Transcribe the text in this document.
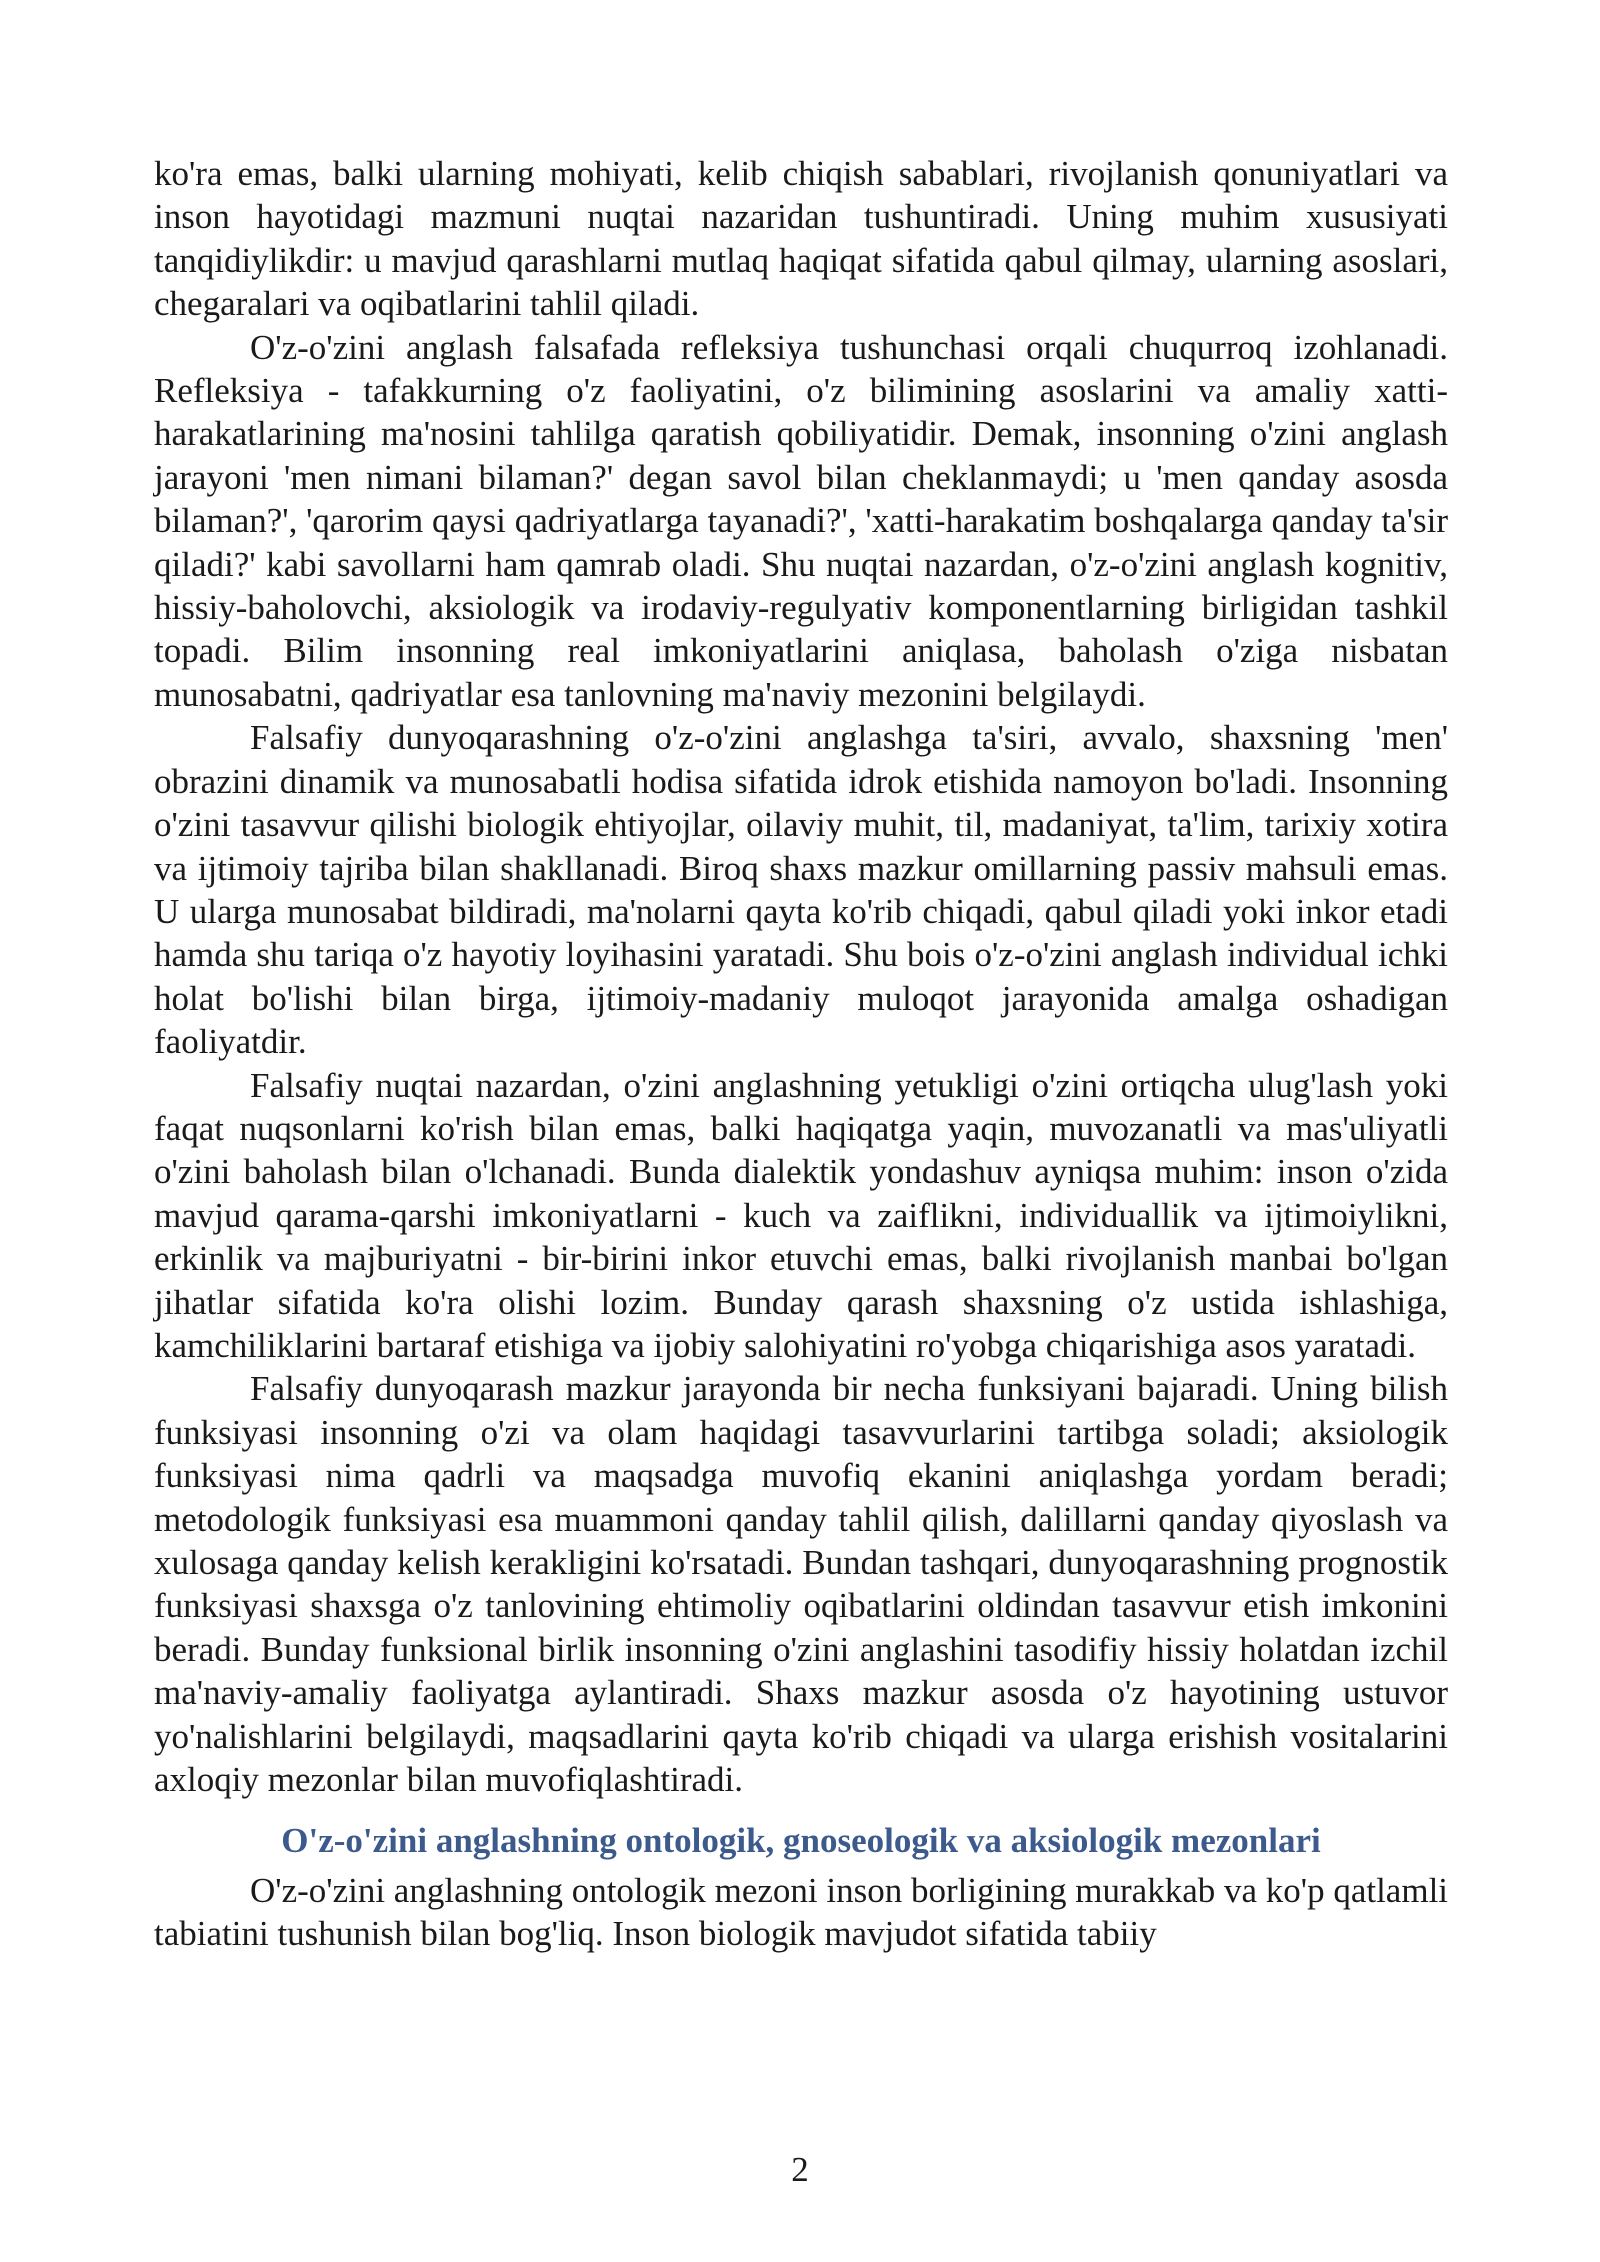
ko'ra emas, balki ularning mohiyati, kelib chiqish sabablari, rivojlanish qonuniyatlari va inson hayotidagi mazmuni nuqtai nazaridan tushuntiradi. Uning muhim xususiyati tanqidiylikdir: u mavjud qarashlarni mutlaq haqiqat sifatida qabul qilmay, ularning asoslari, chegaralari va oqibatlarini tahlil qiladi.

O'z-o'zini anglash falsafada refleksiya tushunchasi orqali chuqurroq izohlanadi. Refleksiya - tafakkurning o'z faoliyatini, o'z bilimining asoslarini va amaliy xatti-harakatlarining ma'nosini tahlilga qaratish qobiliyatidir. Demak, insonning o'zini anglash jarayoni 'men nimani bilaman?' degan savol bilan cheklanmaydi; u 'men qanday asosda bilaman?', 'qarorim qaysi qadriyatlarga tayanadi?', 'xatti-harakatim boshqalarga qanday ta'sir qiladi?' kabi savollarni ham qamrab oladi. Shu nuqtai nazardan, o'z-o'zini anglash kognitiv, hissiy-baholovchi, aksiologik va irodaviy-regulyativ komponentlarning birligidan tashkil topadi. Bilim insonning real imkoniyatlarini aniqlasa, baholash o'ziga nisbatan munosabatni, qadriyatlar esa tanlovning ma'naviy mezonini belgilaydi.

Falsafiy dunyoqarashning o'z-o'zini anglashga ta'siri, avvalo, shaxsning 'men' obrazini dinamik va munosabatli hodisa sifatida idrok etishida namoyon bo'ladi. Insonning o'zini tasavvur qilishi biologik ehtiyojlar, oilaviy muhit, til, madaniyat, ta'lim, tarixiy xotira va ijtimoiy tajriba bilan shakllanadi. Biroq shaxs mazkur omillarning passiv mahsuli emas. U ularga munosabat bildiradi, ma'nolarni qayta ko'rib chiqadi, qabul qiladi yoki inkor etadi hamda shu tariqa o'z hayotiy loyihasini yaratadi. Shu bois o'z-o'zini anglash individual ichki holat bo'lishi bilan birga, ijtimoiy-madaniy muloqot jarayonida amalga oshadigan faoliyatdir.

Falsafiy nuqtai nazardan, o'zini anglashning yetukligi o'zini ortiqcha ulug'lash yoki faqat nuqsonlarni ko'rish bilan emas, balki haqiqatga yaqin, muvozanatli va mas'uliyatli o'zini baholash bilan o'lchanadi. Bunda dialektik yondashuv ayniqsa muhim: inson o'zida mavjud qarama-qarshi imkoniyatlarni - kuch va zaiflikni, individuallik va ijtimoiylikni, erkinlik va majburiyatni - bir-birini inkor etuvchi emas, balki rivojlanish manbai bo'lgan jihatlar sifatida ko'ra olishi lozim. Bunday qarash shaxsning o'z ustida ishlashiga, kamchiliklarini bartaraf etishiga va ijobiy salohiyatini ro'yobga chiqarishiga asos yaratadi.

Falsafiy dunyoqarash mazkur jarayonda bir necha funksiyani bajaradi. Uning bilish funksiyasi insonning o'zi va olam haqidagi tasavvurlarini tartibga soladi; aksiologik funksiyasi nima qadrli va maqsadga muvofiq ekanini aniqlashga yordam beradi; metodologik funksiyasi esa muammoni qanday tahlil qilish, dalillarni qanday qiyoslash va xulosaga qanday kelish kerakligini ko'rsatadi. Bundan tashqari, dunyoqarashning prognostik funksiyasi shaxsga o'z tanlovining ehtimoliy oqibatlarini oldindan tasavvur etish imkonini beradi. Bunday funksional birlik insonning o'zini anglashini tasodifiy hissiy holatdan izchil ma'naviy-amaliy faoliyatga aylantiradi. Shaxs mazkur asosda o'z hayotining ustuvor yo'nalishlarini belgilaydi, maqsadlarini qayta ko'rib chiqadi va ularga erishish vositalarini axloqiy mezonlar bilan muvofiqlashtiradi.

O'z-o'zini anglashning ontologik, gnoseologik va aksiologik mezonlari

O'z-o'zini anglashning ontologik mezoni inson borligining murakkab va ko'p qatlamli tabiatini tushunish bilan bog'liq. Inson biologik mavjudot sifatida tabiiy

2
